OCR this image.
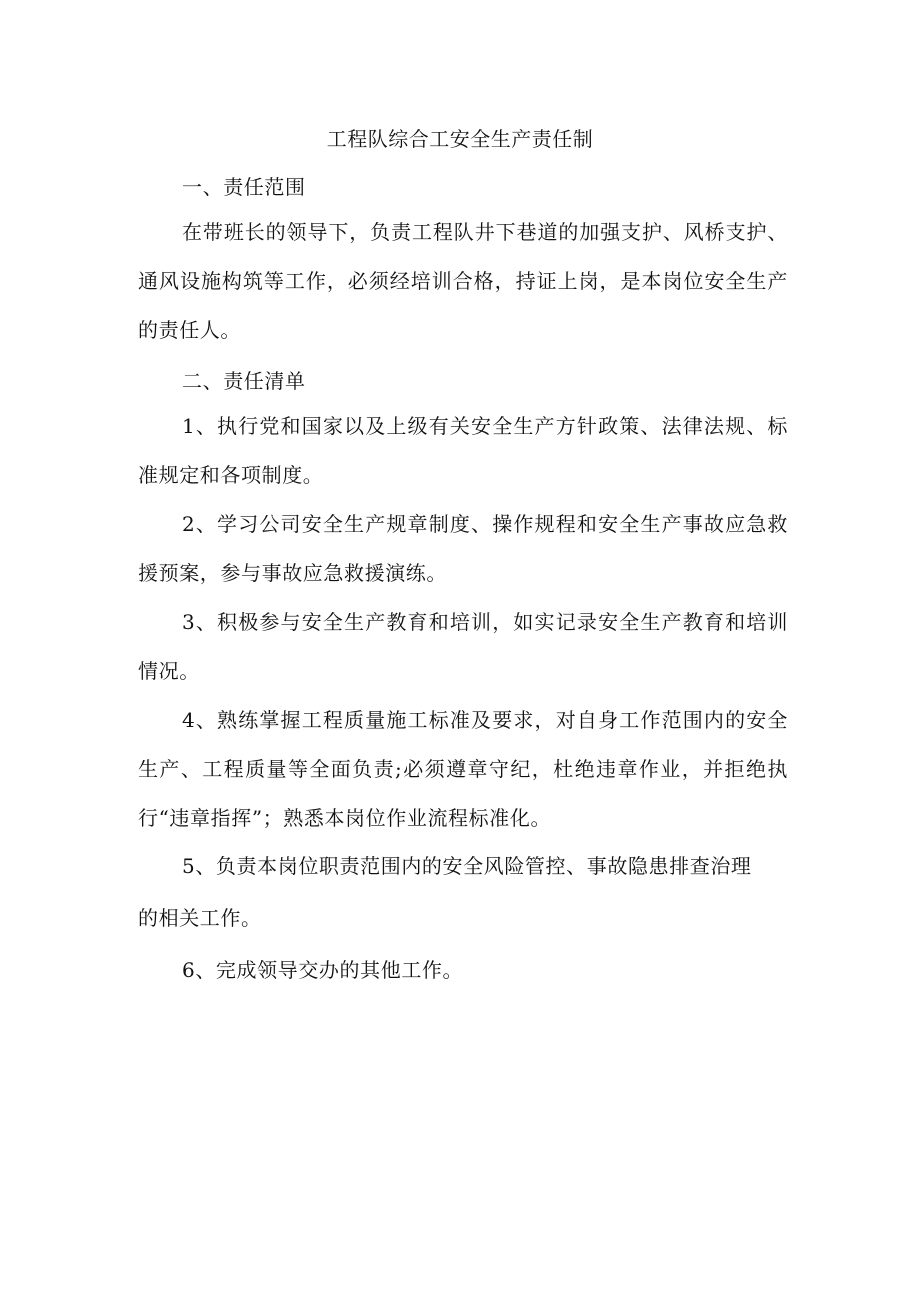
工程队综合工安全生产责任制

一、责任范围

在带班长的领导下，负责工程队井下巷道的加强支护、风桥支护、通风设施构筑等工作，必须经培训合格，持证上岗，是本岗位安全生产的责任人。

二、责任清单

1、执行党和国家以及上级有关安全生产方针政策、法律法规、标准规定和各项制度。

2、学习公司安全生产规章制度、操作规程和安全生产事故应急救援预案，参与事故应急救援演练。

3、积极参与安全生产教育和培训，如实记录安全生产教育和培训情况。

4、熟练掌握工程质量施工标准及要求，对自身工作范围内的安全生产、工程质量等全面负责;必须遵章守纪，杜绝违章作业，并拒绝执行“违章指挥”；熟悉本岗位作业流程标准化。

5、负责本岗位职责范围内的安全风险管控、事故隐患排查治理

的相关工作。

6、完成领导交办的其他工作。
